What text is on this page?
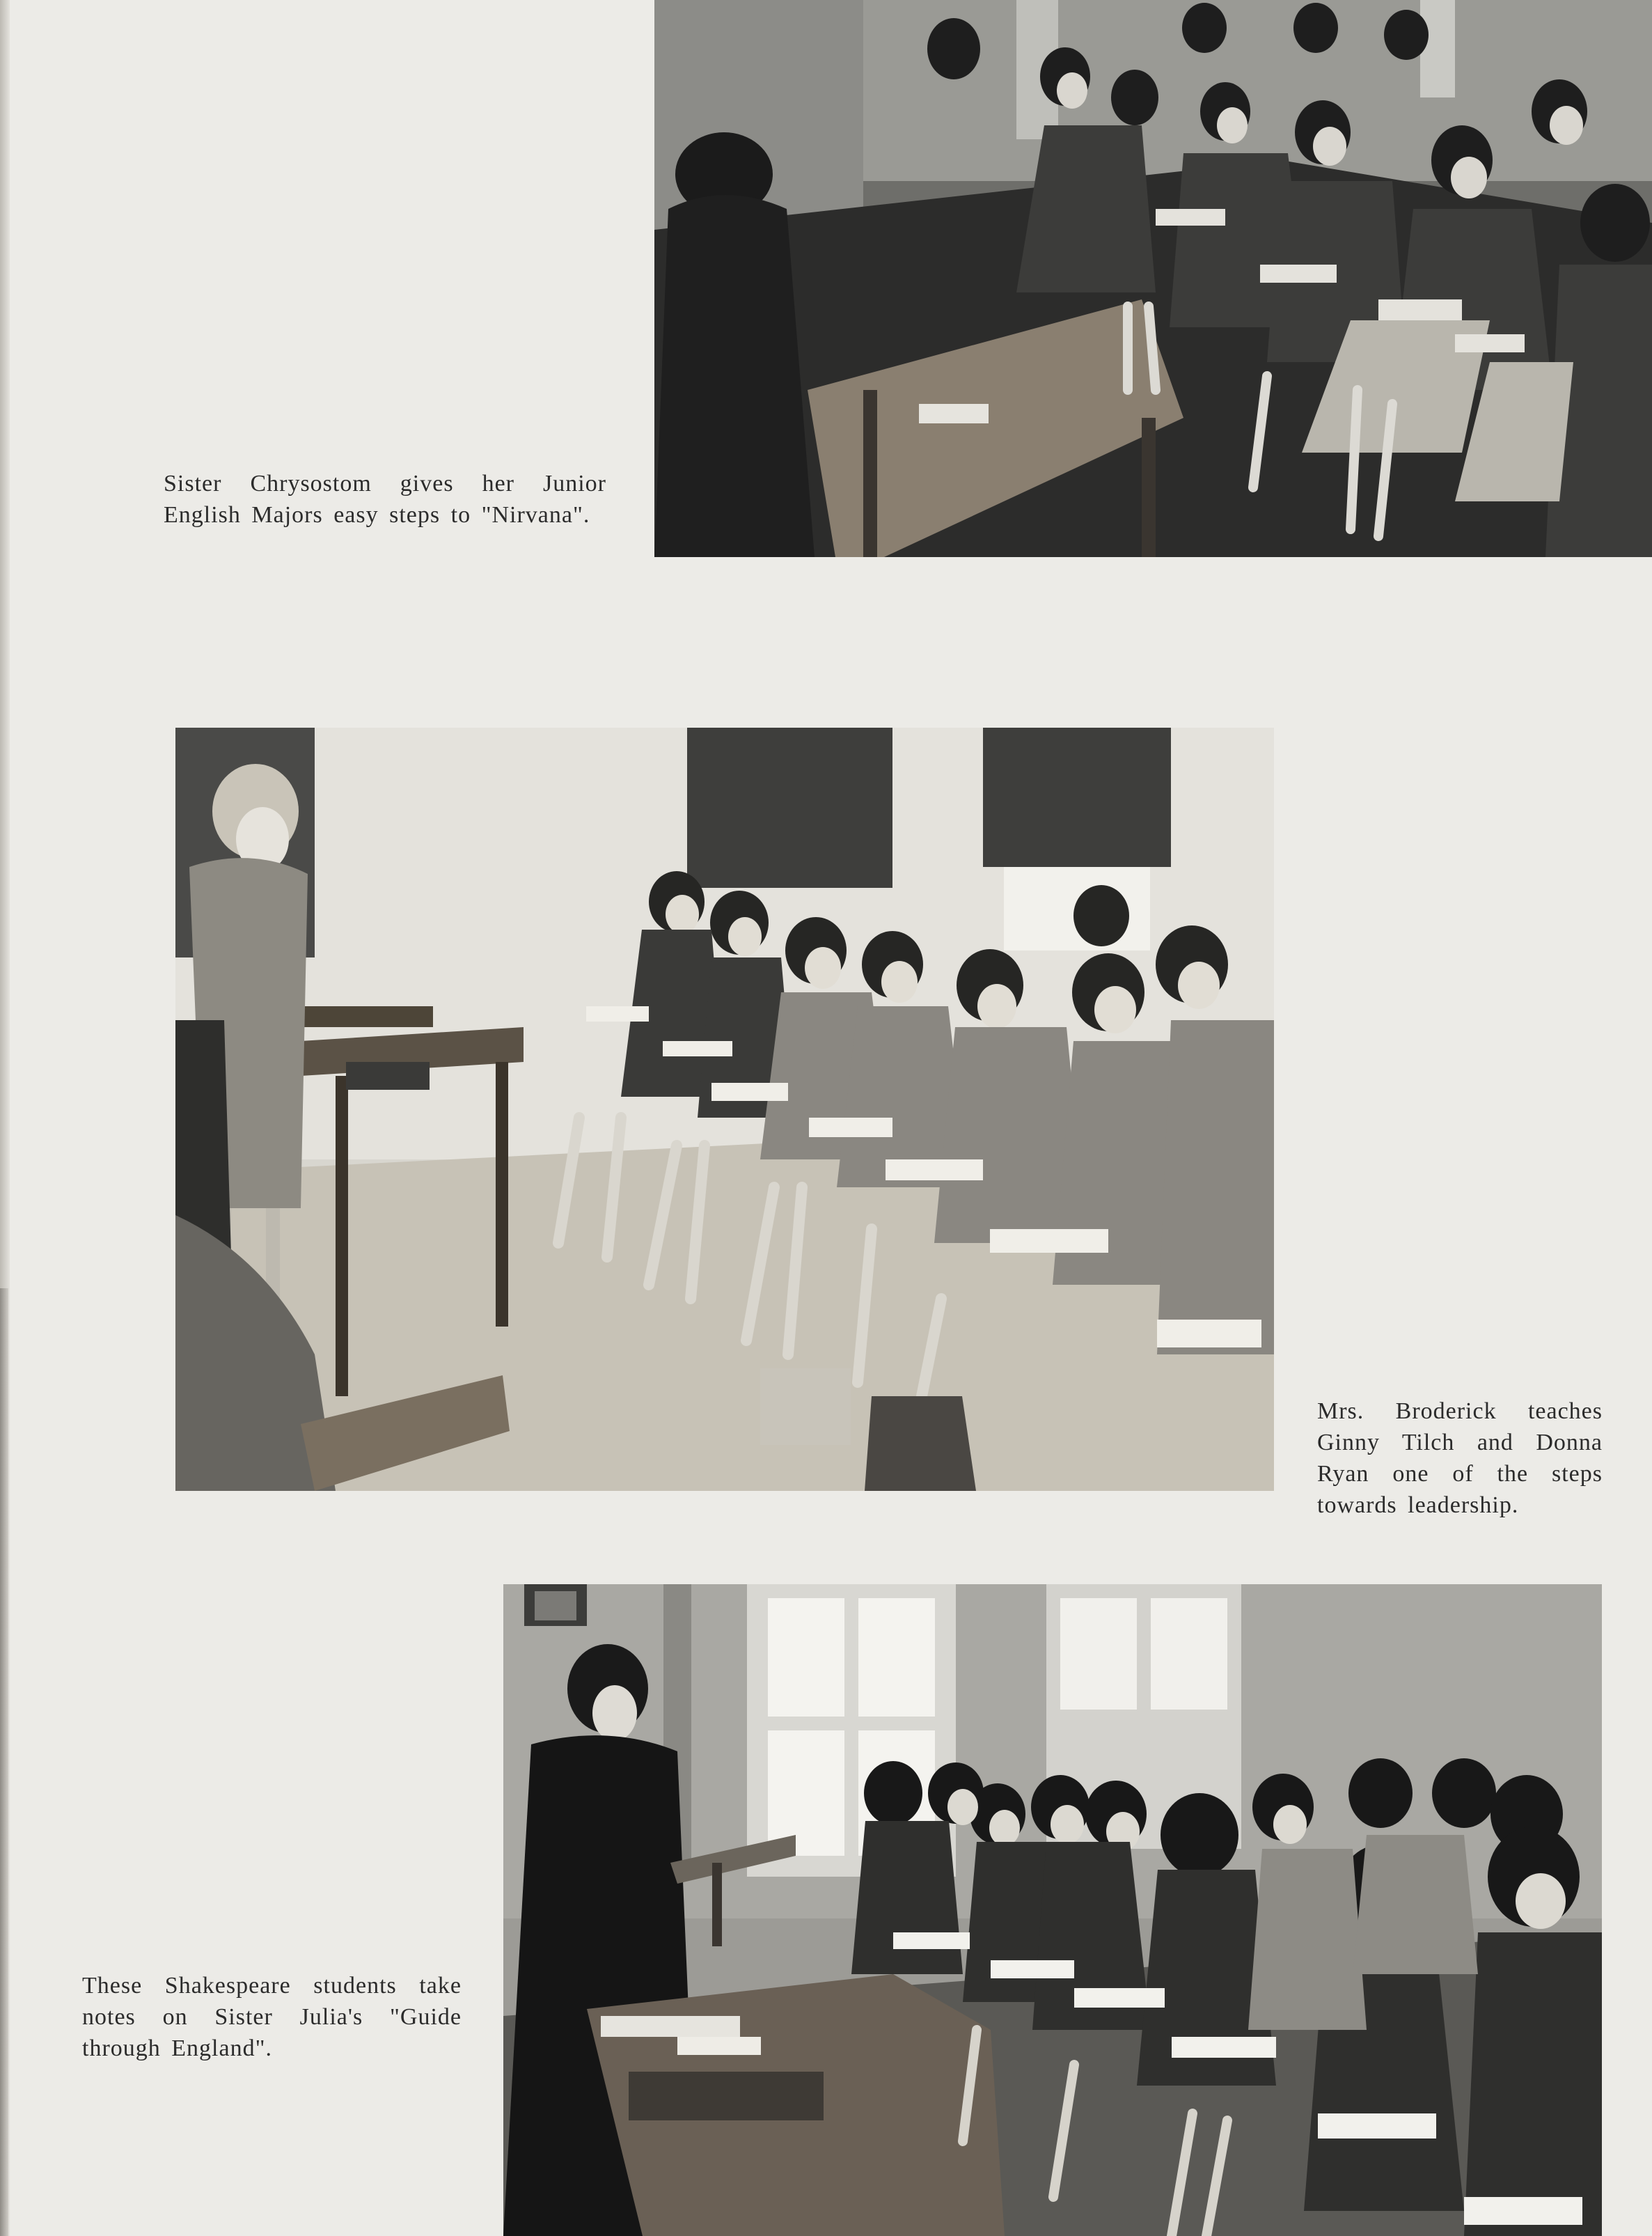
Sister Chrysostom gives her Junior English Majors easy steps to "Nirvana".

Mrs. Broderick teaches Ginny Tilch and Donna Ryan one of the steps towards leadership.

These Shakespeare students take notes on Sister Julia's "Guide through England".
